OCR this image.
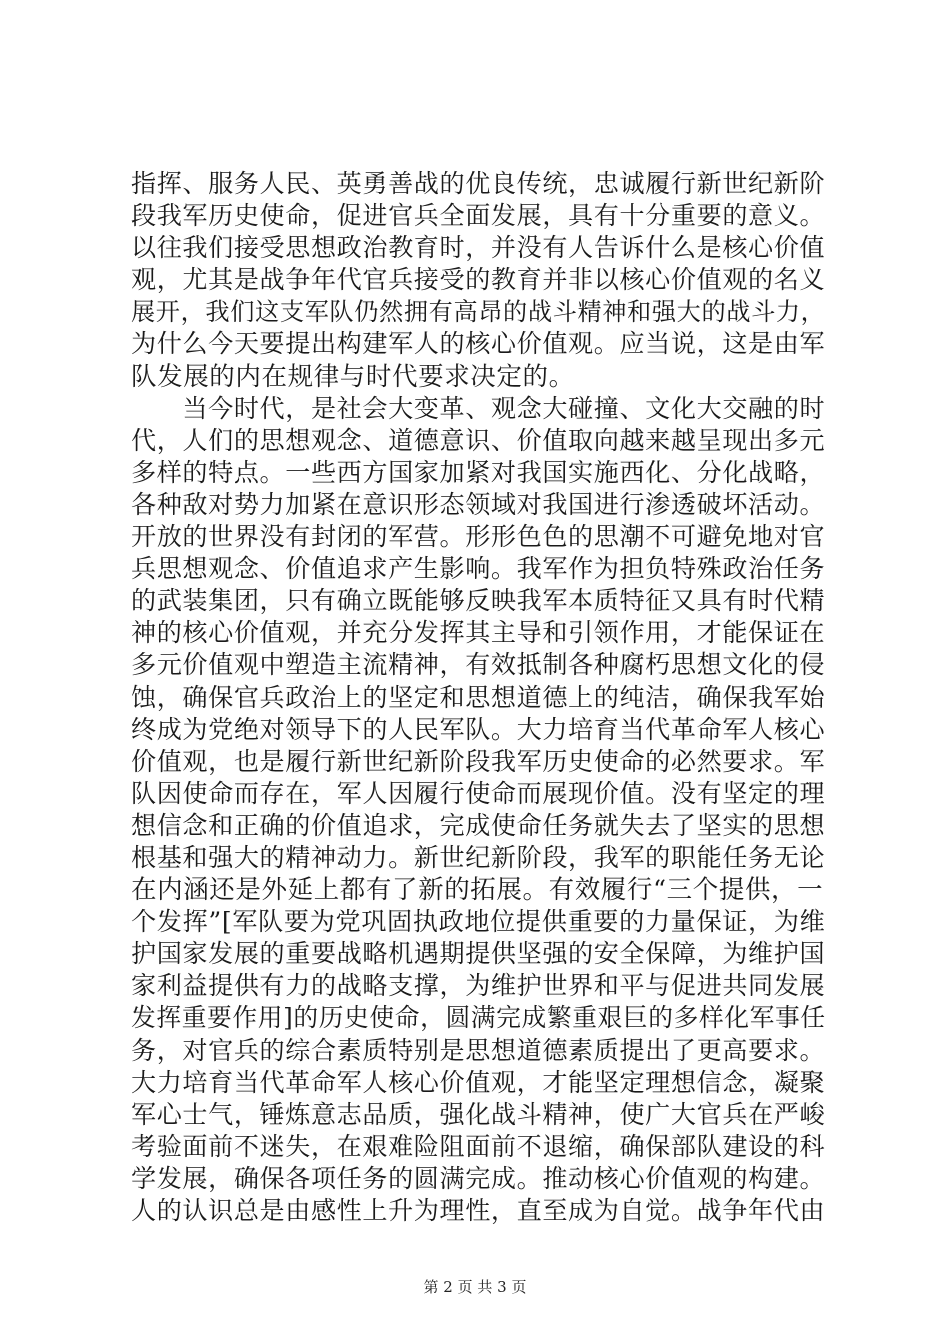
指挥、服务人民、英勇善战的优良传统，忠诚履行新世纪新阶
段我军历史使命，促进官兵全面发展，具有十分重要的意义。
以往我们接受思想政治教育时，并没有人告诉什么是核心价值
观，尤其是战争年代官兵接受的教育并非以核心价值观的名义
展开，我们这支军队仍然拥有高昂的战斗精神和强大的战斗力，
为什么今天要提出构建军人的核心价值观。应当说，这是由军
队发展的内在规律与时代要求决定的。
　　当今时代，是社会大变革、观念大碰撞、文化大交融的时
代，人们的思想观念、道德意识、价值取向越来越呈现出多元
多样的特点。一些西方国家加紧对我国实施西化、分化战略，
各种敌对势力加紧在意识形态领域对我国进行渗透破坏活动。
开放的世界没有封闭的军营。形形色色的思潮不可避免地对官
兵思想观念、价值追求产生影响。我军作为担负特殊政治任务
的武装集团，只有确立既能够反映我军本质特征又具有时代精
神的核心价值观，并充分发挥其主导和引领作用，才能保证在
多元价值观中塑造主流精神，有效抵制各种腐朽思想文化的侵
蚀，确保官兵政治上的坚定和思想道德上的纯洁，确保我军始
终成为党绝对领导下的人民军队。大力培育当代革命军人核心
价值观，也是履行新世纪新阶段我军历史使命的必然要求。军
队因使命而存在，军人因履行使命而展现价值。没有坚定的理
想信念和正确的价值追求，完成使命任务就失去了坚实的思想
根基和强大的精神动力。新世纪新阶段，我军的职能任务无论
在内涵还是外延上都有了新的拓展。有效履行“三个提供，一
个发挥”[军队要为党巩固执政地位提供重要的力量保证，为维
护国家发展的重要战略机遇期提供坚强的安全保障，为维护国
家利益提供有力的战略支撑，为维护世界和平与促进共同发展
发挥重要作用]的历史使命，圆满完成繁重艰巨的多样化军事任
务，对官兵的综合素质特别是思想道德素质提出了更高要求。
大力培育当代革命军人核心价值观，才能坚定理想信念，凝聚
军心士气，锤炼意志品质，强化战斗精神，使广大官兵在严峻
考验面前不迷失，在艰难险阻面前不退缩，确保部队建设的科
学发展，确保各项任务的圆满完成。推动核心价值观的构建。
人的认识总是由感性上升为理性，直至成为自觉。战争年代由
第 2 页 共 3 页
